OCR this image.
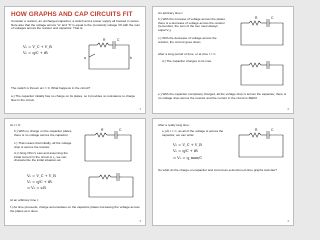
HOW GRAPHS AND CAP CIRCUITS FIT
Consider a resistor, an uncharged capacitor, a switch and a power supply all hooked in series. Note also that the voltage across "a" and "b" is equal to the (constant) voltage V0 with the sum of voltages across the resistor and capacitor. That is:
V₀ = V_C + V_R
V₀ = q/C + iR
R	C
a	b
The switch is thrown at t = 0. What happens in the circuit?
a.) The capacitor initially has no charge on its plates, so it provides no resistance to charge flow in the circuit.
1
An arbitrary time t:
b.) With the increase of voltage across the plates, there is a decrease of voltage across the resistor (remember, the sum of the two must always equal V₀).
c.) With the decrease of voltage across the resistor, the current goes down.
R	C
After a long period of time, or at time t = ∞:
d.) The capacitor charges to its max.
e.) With the capacitor completely charged, all the voltage drop is across the capacitor, there is no voltage drop across the resistor and the current in the circuit is ZERO.
2
At t = 0:
b.) With no charge on the capacitor plates, there is no voltage across the capacitor.
c.) That means that initially, all the voltage drop is across the resistor.
d.) Using Ohm's Law and assuming the initial current in the circuit is i₀, we can characterize the initial situation as:
R	C
V₀ = V_C + V_R
V₀ = q/C + iR
⇒ V₀ = i₀R
At an arbitrary time t:
f.) As time proceeds, charge accumulates on the capacitor plates increasing the voltage across the plates as it does.
3
After a really long time:
e.) At t = ∞, as all of the voltage is across the capacitor, we can write:
R	C
V₀ = V_C + V_R
V₀ = q/C + iR
⇒ V₀ = q_max/C
So what do the charge-on-capacitor and current-as-a-function-of-time graphs look like?
4
